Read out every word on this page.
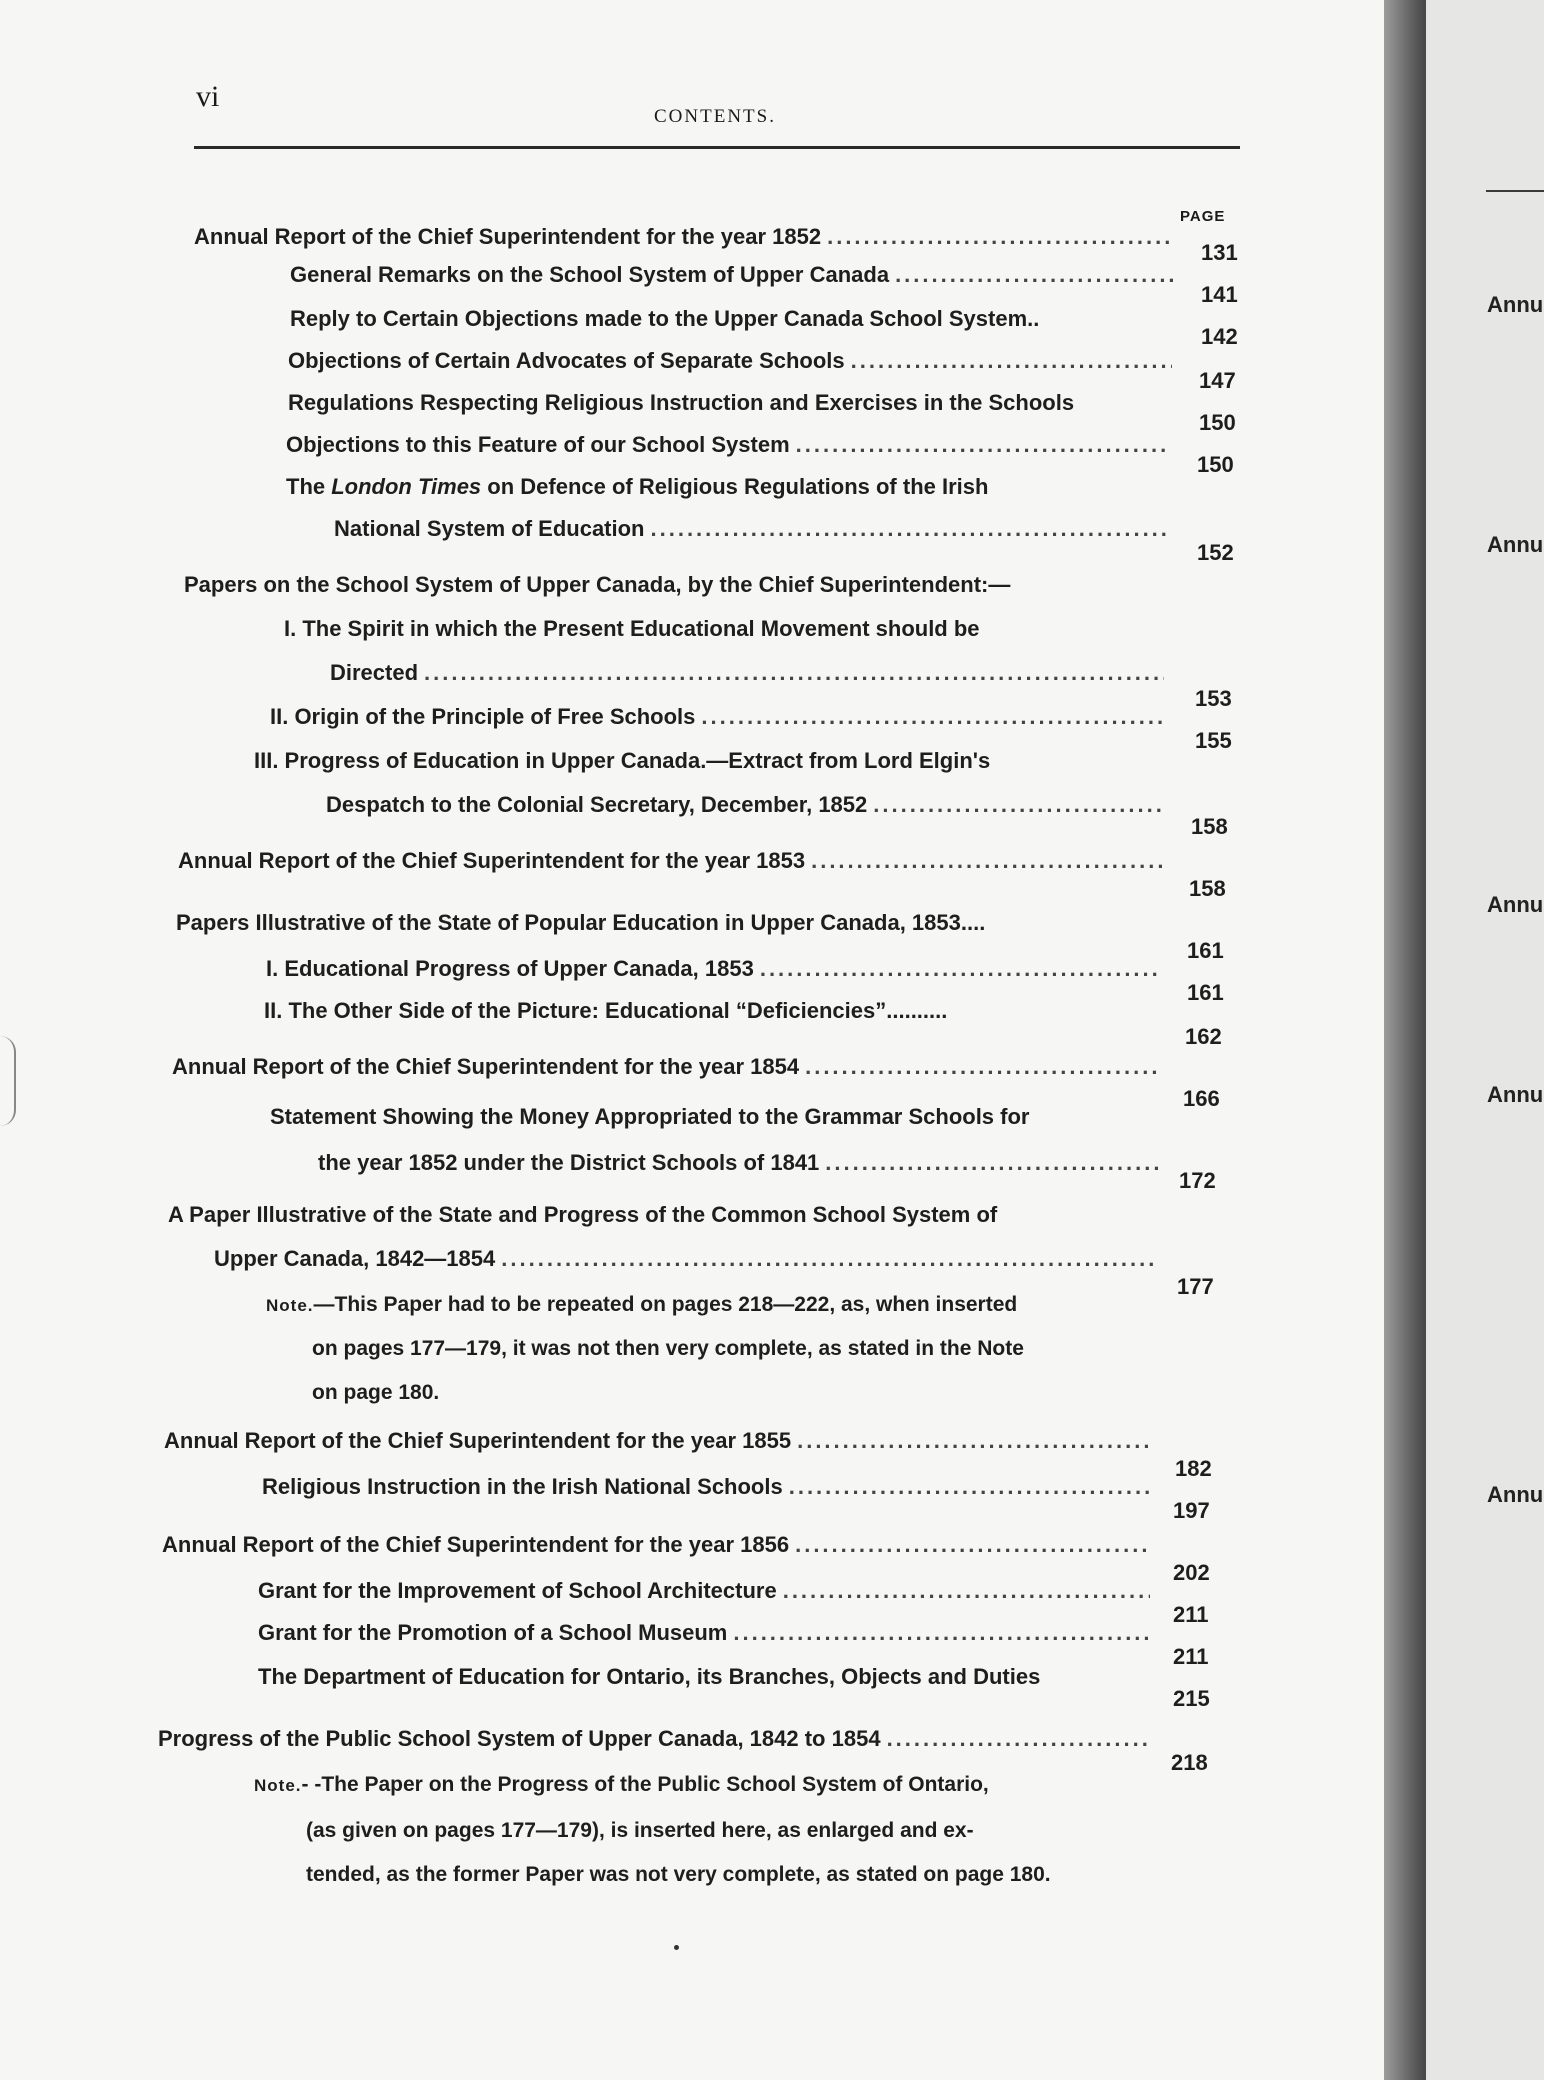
vi
CONTENTS.
PAGE
Annual Report of the Chief Superintendent for the year 1852
.....
131
General Remarks on the School System of Upper Canada
.....
141
Reply to Certain Objections made to the Upper Canada School System..
142
Objections of Certain Advocates of Separate Schools
.....
147
Regulations Respecting Religious Instruction and Exercises in the Schools
150
Objections to this Feature of our School System
.....
150
The London Times on Defence of Religious Regulations of the Irish
National System of Education
.....
152
Papers on the School System of Upper Canada, by the Chief Superintendent:—
I. The Spirit in which the Present Educational Movement should be
Directed
.....
153
II. Origin of the Principle of Free Schools
.....
155
III. Progress of Education in Upper Canada.—Extract from Lord Elgin's
Despatch to the Colonial Secretary, December, 1852
.....
158
Annual Report of the Chief Superintendent for the year 1853
.....
158
Papers Illustrative of the State of Popular Education in Upper Canada, 1853....
161
I. Educational Progress of Upper Canada, 1853
.....
161
II. The Other Side of the Picture: Educational “Deficiencies”..........
162
Annual Report of the Chief Superintendent for the year 1854
.....
166
Statement Showing the Money Appropriated to the Grammar Schools for
the year 1852 under the District Schools of 1841
.....
172
A Paper Illustrative of the State and Progress of the Common School System of
Upper Canada, 1842—1854
.....
177
Note.—This Paper had to be repeated on pages 218—222, as, when inserted
on pages 177—179, it was not then very complete, as stated in the Note
on page 180.
Annual Report of the Chief Superintendent for the year 1855
.....
182
Religious Instruction in the Irish National Schools
.....
197
Annual Report of the Chief Superintendent for the year 1856
.....
202
Grant for the Improvement of School Architecture
.....
211
Grant for the Promotion of a School Museum
.....
211
The Department of Education for Ontario, its Branches, Objects and Duties
215
Progress of the Public School System of Upper Canada, 1842 to 1854
.....
218
Note.- -The Paper on the Progress of the Public School System of Ontario,
(as given on pages 177—179), is inserted here, as enlarged and ex-
tended, as the former Paper was not very complete, as stated on page 180.
Annu
Annu
Annu
Annu
Annu
